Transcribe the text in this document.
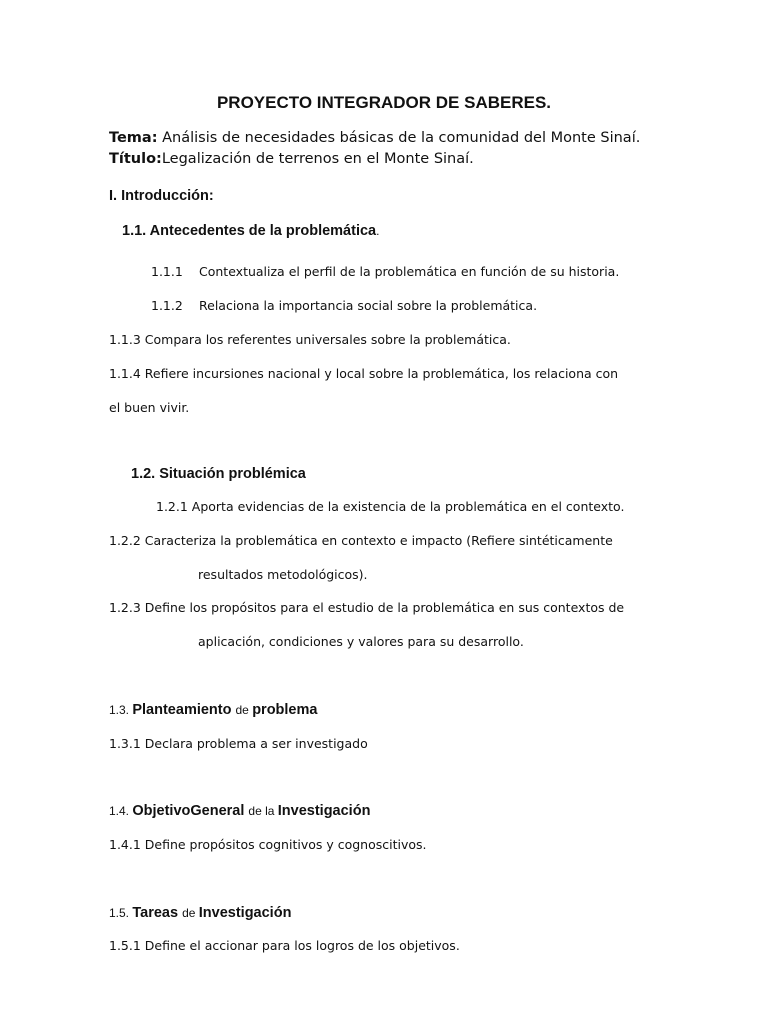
PROYECTO INTEGRADOR DE SABERES.
Tema: Análisis de necesidades básicas de la comunidad del Monte Sinaí.
Título:Legalización de terrenos en el Monte Sinaí.
I. Introducción:
1.1. Antecedentes de la problemática.
1.1.1 Contextualiza el perfil de la problemática en función de su historia.
1.1.2 Relaciona la importancia social sobre la problemática.
1.1.3 Compara los referentes universales sobre la problemática.
1.1.4 Refiere incursiones nacional y local sobre la problemática, los relaciona con
el buen vivir.
1.2. Situación problémica
1.2.1 Aporta evidencias de la existencia de la problemática en el contexto.
1.2.2 Caracteriza la problemática en contexto e impacto (Refiere sintéticamente
resultados metodológicos).
1.2.3 Define los propósitos para el estudio de la problemática en sus contextos de
aplicación, condiciones y valores para su desarrollo.
1.3. Planteamiento de problema
1.3.1 Declara problema a ser investigado
1.4. ObjetivoGeneral de la Investigación
1.4.1 Define propósitos cognitivos y cognoscitivos.
1.5. Tareas de Investigación
1.5.1 Define el accionar para los logros de los objetivos.
